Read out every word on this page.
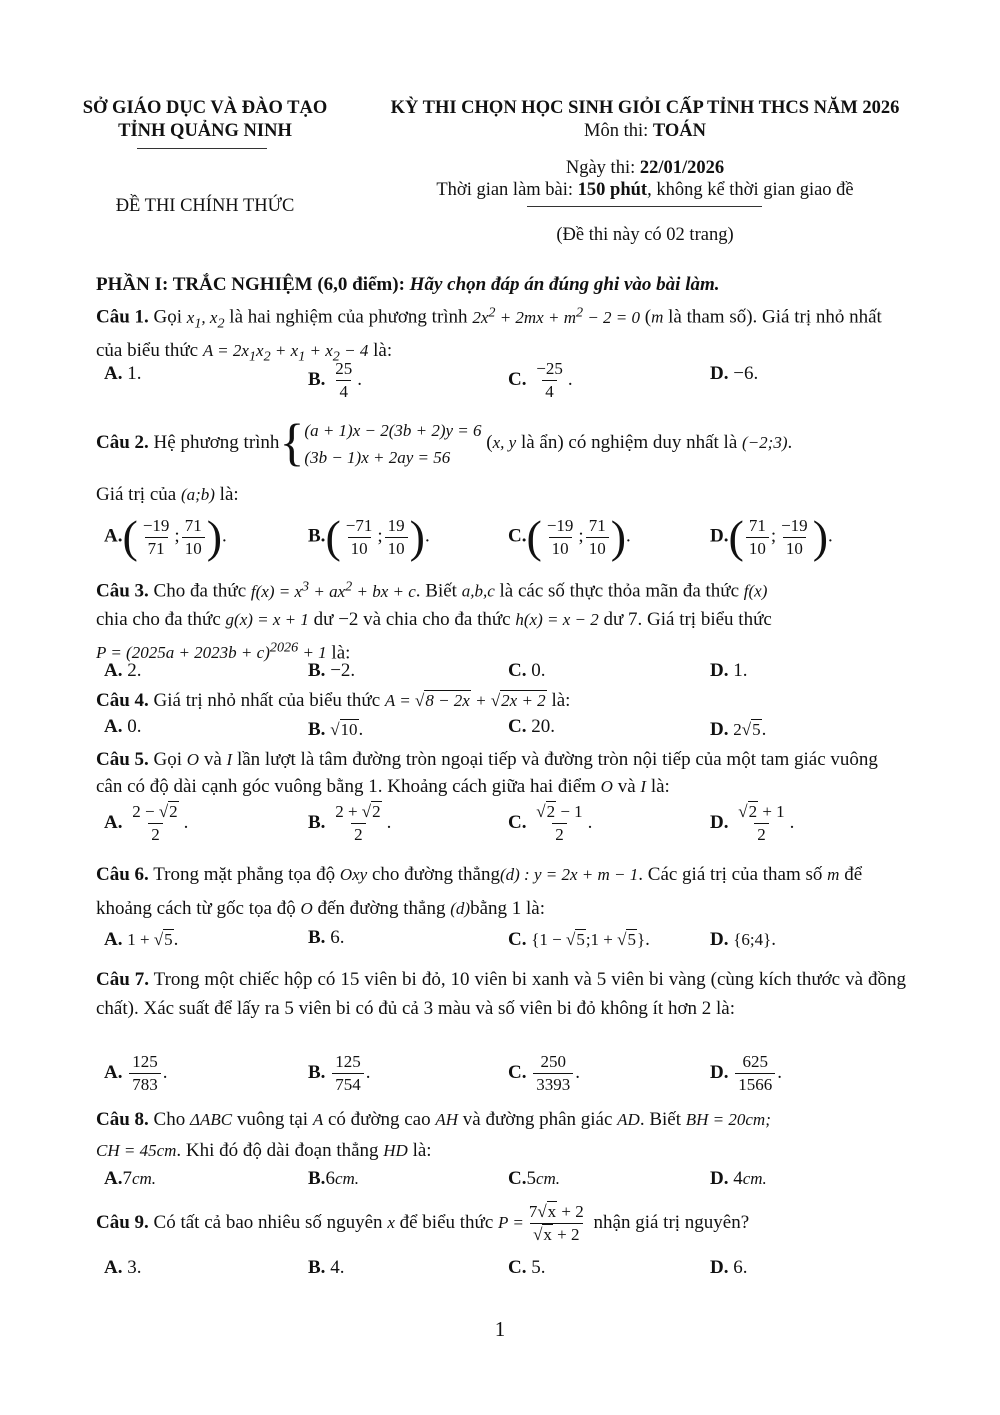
SỞ GIÁO DỤC VÀ ĐÀO TẠO
TỈNH QUẢNG NINH
ĐỀ THI CHÍNH THỨC
KỲ THI CHỌN HỌC SINH GIỎI CẤP TỈNH THCS NĂM 2026
Môn thi: TOÁN
Ngày thi: 22/01/2026
Thời gian làm bài: 150 phút, không kể thời gian giao đề
(Đề thi này có 02 trang)
PHẦN I: TRẮC NGHIỆM (6,0 điểm): Hãy chọn đáp án đúng ghi vào bài làm.
Câu 1. Gọi $x_1$, $x_2$ là hai nghiệm của phương trình $2x^2 + 2mx + m^2 - 2 = 0$ (m là tham số). Giá trị nhỏ nhất của biểu thức $A = 2x_1x_2 + x_1 + x_2 - 4$ là:
A. 1.	B. $\frac{25}{4}$ .	C. $\frac{-25}{4}$ .	D. −6.
Câu 2. Hệ phương trình{ (a + 1)x − 2(3b + 2)y = 6
(3b − 1)x + 2ay = 56
(x, y là ẩn) có nghiệm duy nhất là (−2;3).
Giá trị của (a;b) là:
$A.( \frac{-19}{71}$ ; $\frac{71}{10}$ ).	$B.( \frac{-71}{10}$ ; $\frac{19}{10}$ ).	$C.( \frac{-19}{10}$ ; $\frac{71}{10}$ ).	$D.( \frac{71}{10}$ ; $\frac{-19}{10}$ ).
Câu 3. Cho đa thức $f(x) = x^3 + ax^2$ + bx + c. Biết a,b,c là các số thực thỏa mãn đa thức f(x)
chia cho đa thức g(x) = x + 1 dư −2 và chia cho đa thức h(x) = x − 2 dư 7. Giá trị biểu thức
$P = (2025a + 2023b + c)^{2026} + 1$ là:
A. 2.	B. −2.	C. 0.	D. 1.
Câu 4. Giá trị nhỏ nhất của biểu thức A = √8 − 2x + √2x + 2 là:
A. 0.	B. √10.	C. 20.	D. 2√5.
Câu 5. Gọi O và I lần lượt là tâm đường tròn ngoại tiếp và đường tròn nội tiếp của một tam giác vuông cân có độ dài cạnh góc vuông bằng 1. Khoảng cách giữa hai điểm O và I là:
A. $\frac{2 - √2}{2}$ .	B. $\frac{2 + √2}{2}$ .	C. $\frac{√2 - 1}{2}$ .	D. $\frac{√2 + 1}{2}$ .
Câu 6. Trong mặt phẳng tọa độ Oxy cho đường thẳng(d) : y = 2x + m − 1. Các giá trị của tham số m để khoảng cách từ gốc tọa độ O đến đường thẳng (d)bằng 1 là:
A. 1 + √5.	B. 6.	C. {1 − √5;1 + √5}.	D. {6;4}.
Câu 7. Trong một chiếc hộp có 15 viên bi đỏ, 10 viên bi xanh và 5 viên bi vàng (cùng kích thước và đồng chất). Xác suất để lấy ra 5 viên bi có đủ cả 3 màu và số viên bi đỏ không ít hơn 2 là:
A. $\frac{125}{783}$ .	B. $\frac{125}{754}$ .	C. $\frac{250}{3393}$ .	D. $\frac{625}{1566}$ .
Câu 8. Cho ΔABC vuông tại A có đường cao AH và đường phân giác AD. Biết BH = 20cm;
CH = 45cm. Khi đó độ dài đoạn thẳng HD là:
A.7cm.	B.6cm.	C.5cm.	D. 4cm.
Câu 9. Có tất cả bao nhiêu số nguyên x để biểu thức $P = \frac{7√x + 2}{√x + 2}$ nhận giá trị nguyên?
A. 3.	B. 4.	C. 5.	D. 6.
1
